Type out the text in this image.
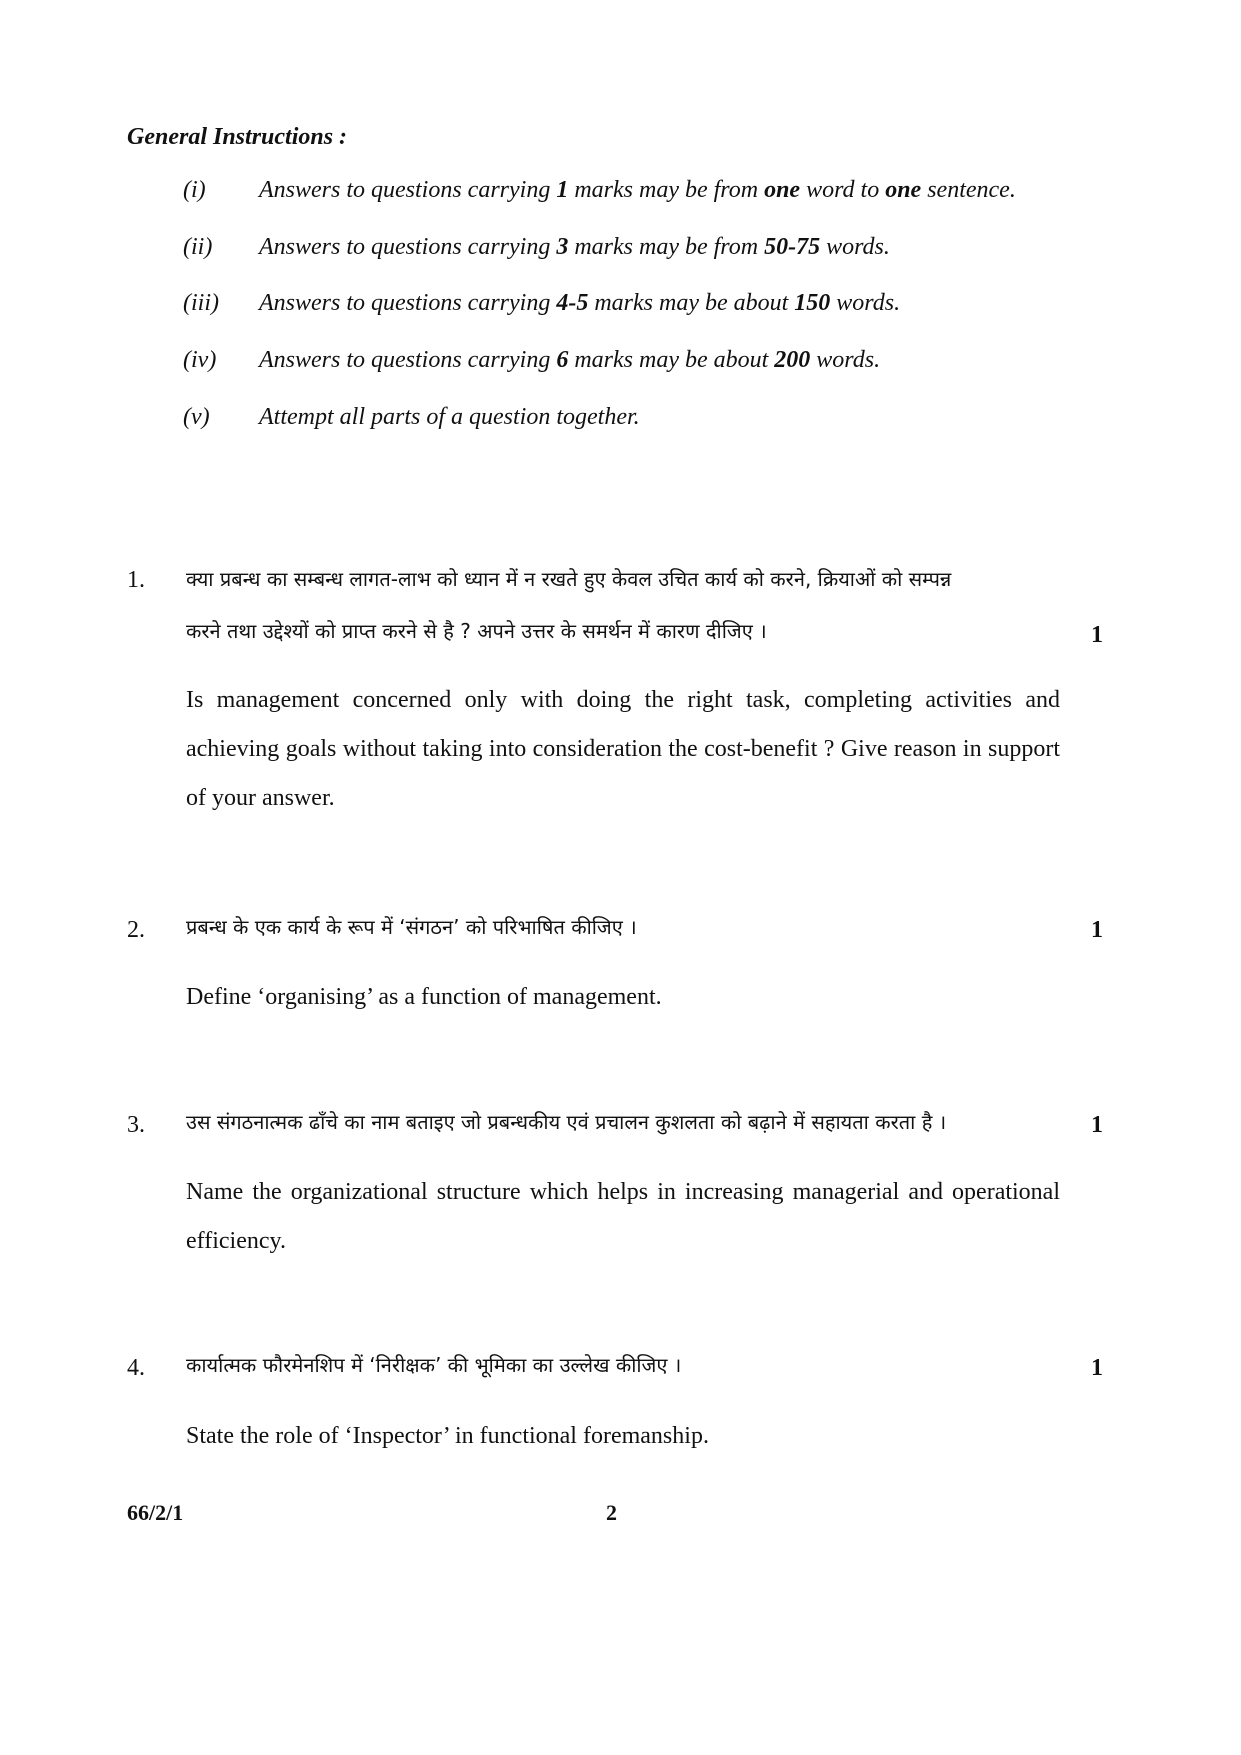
General Instructions :
(i) Answers to questions carrying 1 marks may be from one word to one sentence.
(ii) Answers to questions carrying 3 marks may be from 50-75 words.
(iii) Answers to questions carrying 4-5 marks may be about 150 words.
(iv) Answers to questions carrying 6 marks may be about 200 words.
(v) Attempt all parts of a question together.
1. क्या प्रबन्ध का सम्बन्ध लागत-लाभ को ध्यान में न रखते हुए केवल उचित कार्य को करने, क्रियाओं को सम्पन्न
करने तथा उद्देश्यों को प्राप्त करने से है ? अपने उत्तर के समर्थन में कारण दीजिए ।	1
Is management concerned only with doing the right task, completing activities and achieving goals without taking into consideration the cost-benefit ? Give reason in support of your answer.
2. प्रबन्ध के एक कार्य के रूप में ‘संगठन’ को परिभाषित कीजिए ।	1
Define ‘organising’ as a function of management.
3. उस संगठनात्मक ढाँचे का नाम बताइए जो प्रबन्धकीय एवं प्रचालन कुशलता को बढ़ाने में सहायता करता है ।	1
Name the organizational structure which helps in increasing managerial and operational efficiency.
4. कार्यात्मक फौरमेनशिप में ‘निरीक्षक’ की भूमिका का उल्लेख कीजिए ।	1
State the role of ‘Inspector’ in functional foremanship.
66/2/1	2
